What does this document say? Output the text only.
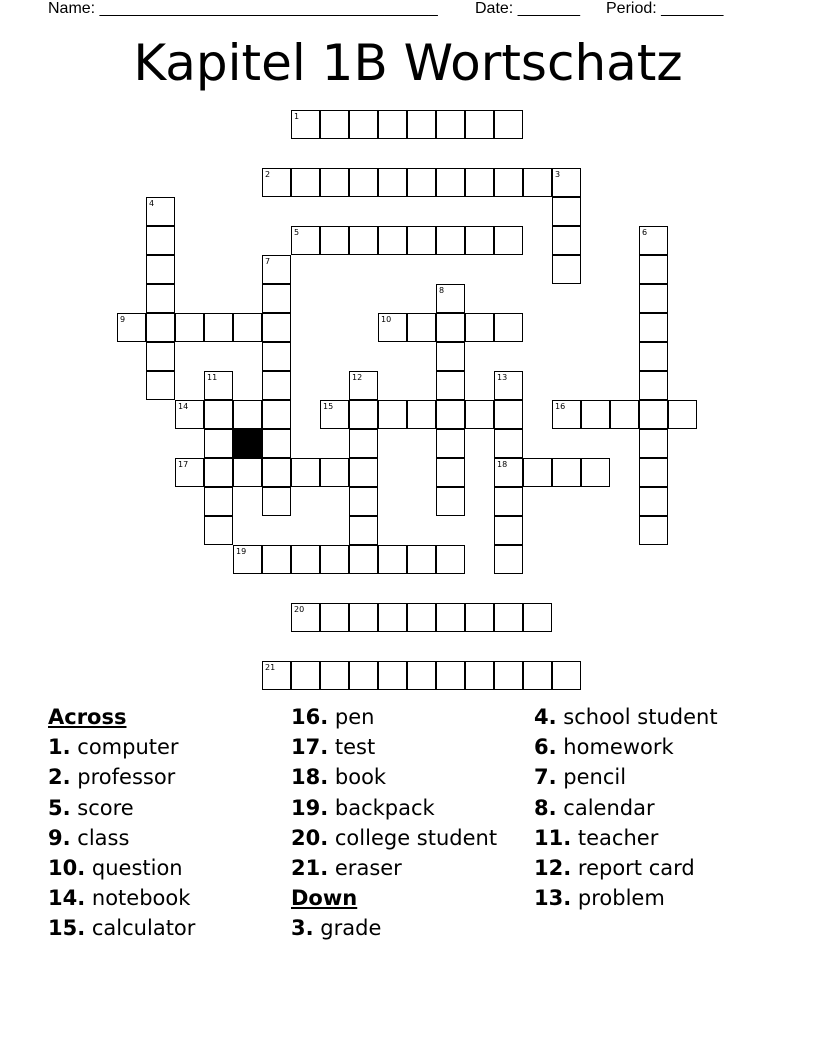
Name: ______________________________________ Date: _______ Period: _______
Kapitel 1B Wortschatz
1
2	3
4
5	6
7
8
9	10
11	12	13
14	15	16
17	18
19
20
21
Across
1. computer
2. professor
5. score
9. class
10. question
14. notebook
15. calculator
16. pen
17. test
18. book
19. backpack
20. college student
21. eraser
Down
3. grade
4. school student
6. homework
7. pencil
8. calendar
11. teacher
12. report card
13. problem
